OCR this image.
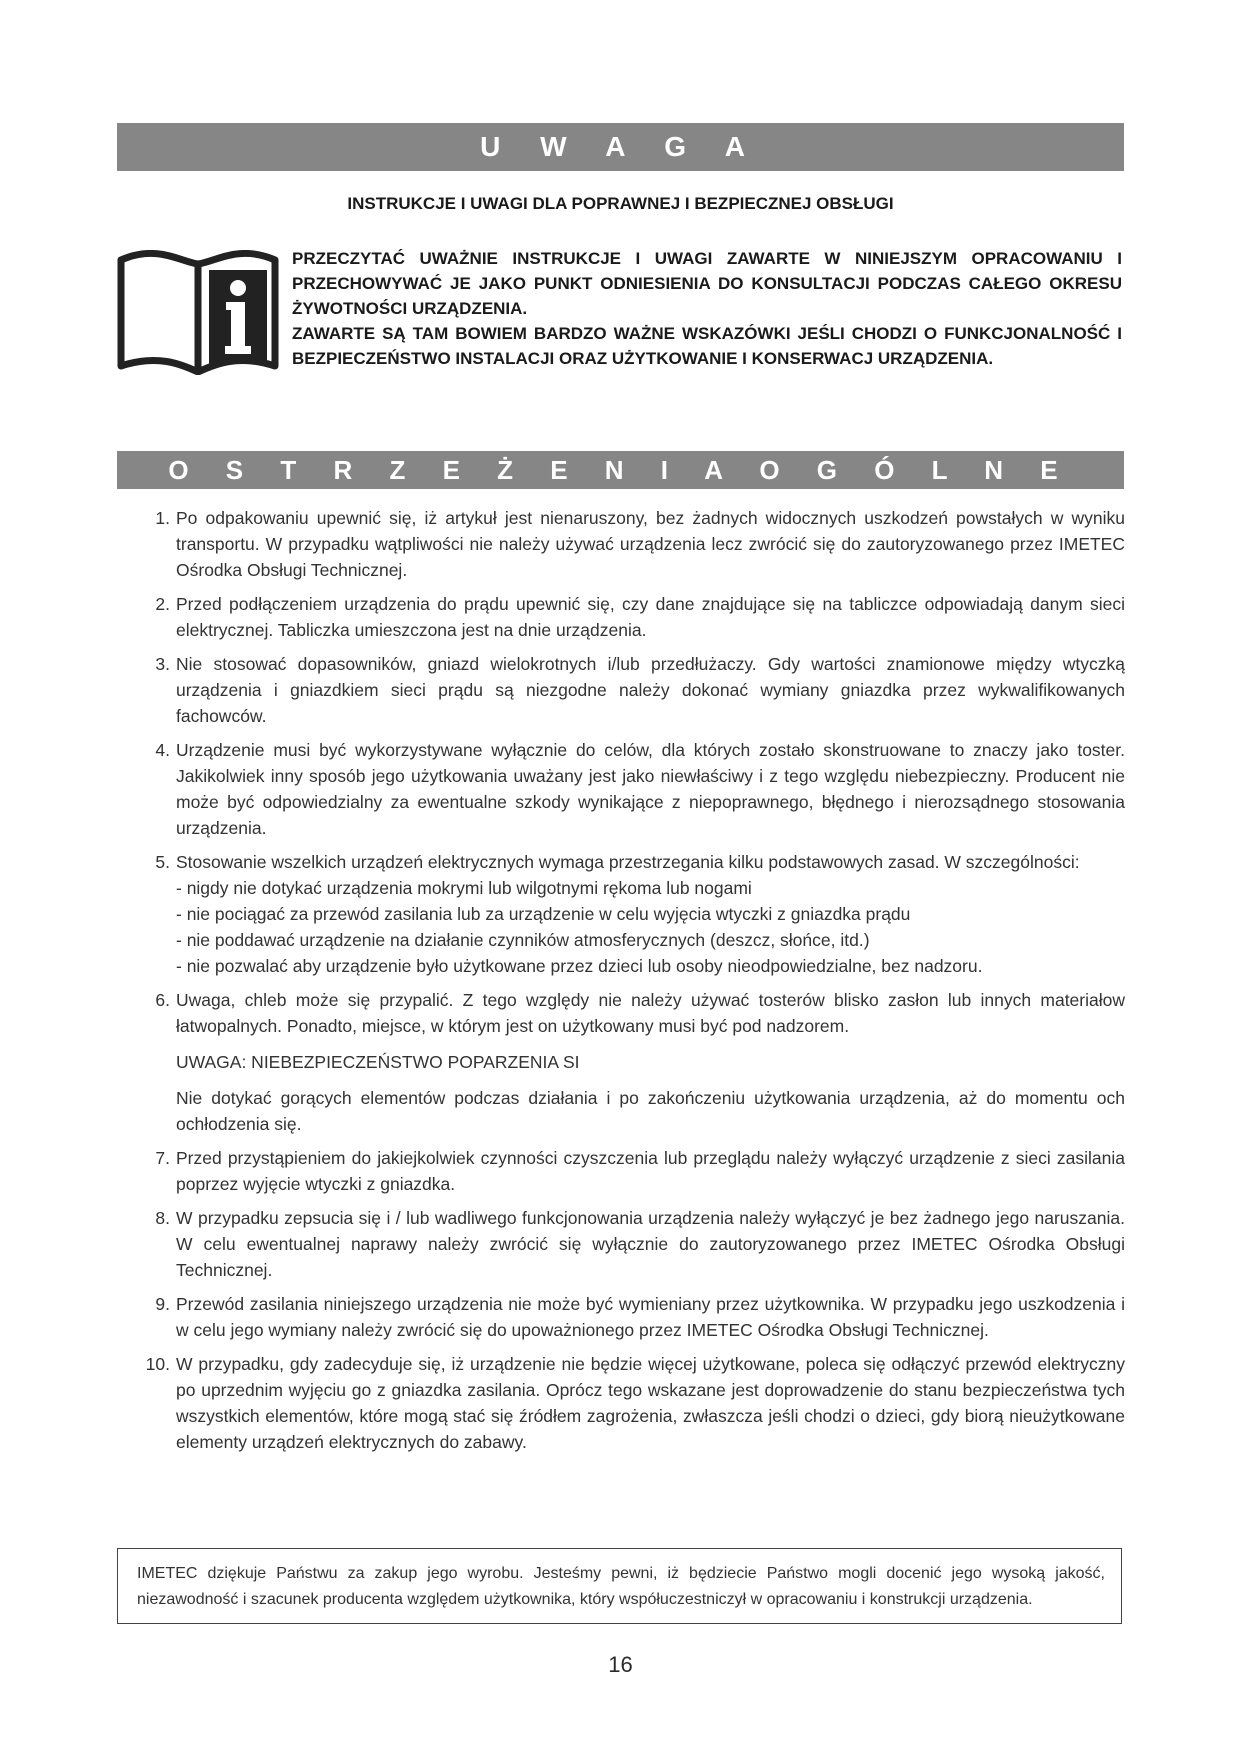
U W A G A
INSTRUKCJE I UWAGI DLA POPRAWNEJ I BEZPIECZNEJ OBSŁUGI

PRZECZYTAĆ UWAŻNIE INSTRUKCJE I UWAGI ZAWARTE W NINIEJSZYM OPRACOWANIU I PRZECHOWYWAĆ JE JAKO PUNKT ODNIESIENIA DO KONSULTACJI PODCZAS CAŁEGO OKRESU ŻYWOTNOŚCI URZĄDZENIA.

ZAWARTE SĄ TAM BOWIEM BARDZO WAŻNE WSKAZÓWKI JEŚLI CHODZI O FUNKCJONALNOŚĆ I BEZPIECZEŃSTWO INSTALACJI ORAZ UŻYTKOWANIE I KONSERWACJ URZĄDZENIA.

O S T R Z E Ż E N I A O G Ó L N E
1. Po odpakowaniu upewnić się, iż artykuł jest nienaruszony, bez żadnych widocznych uszkodzeń powstałych w wyniku transportu. W przypadku wątpliwości nie należy używać urządzenia lecz zwrócić się do zautoryzowanego przez IMETEC Ośrodka Obsługi Technicznej.

2. Przed podłączeniem urządzenia do prądu upewnić się, czy dane znajdujące się na tabliczce odpowiadają danym sieci elektrycznej. Tabliczka umieszczona jest na dnie urządzenia.

3. Nie stosować dopasowników, gniazd wielokrotnych i/lub przedłużaczy. Gdy wartości znamionowe między wtyczką urządzenia i gniazdkiem sieci prądu są niezgodne należy dokonać wymiany gniazdka przez wykwalifikowanych fachowców.

4. Urządzenie musi być wykorzystywane wyłącznie do celów, dla których zostało skonstruowane to znaczy jako toster. Jakikolwiek inny sposób jego użytkowania uważany jest jako niewłaściwy i z tego względu niebezpieczny. Producent nie może być odpowiedzialny za ewentualne szkody wynikające z niepoprawnego, błędnego i nierozsądnego stosowania urządzenia.

5. Stosowanie wszelkich urządzeń elektrycznych wymaga przestrzegania kilku podstawowych zasad. W szczególności:

- nigdy nie dotykać urządzenia mokrymi lub wilgotnymi rękoma lub nogami

- nie pociągać za przewód zasilania lub za urządzenie w celu wyjęcia wtyczki z gniazdka prądu

- nie poddawać urządzenie na działanie czynników atmosferycznych (deszcz, słońce, itd.)

- nie pozwalać aby urządzenie było użytkowane przez dzieci lub osoby nieodpowiedzialne, bez nadzoru.

6. Uwaga, chleb może się przypalić. Z tego względy nie należy używać tosterów blisko zasłon lub innych materiałow łatwopalnych. Ponadto, miejsce, w którym jest on użytkowany musi być pod nadzorem.

UWAGA: NIEBEZPIECZEŃSTWO POPARZENIA SI

Nie dotykać gorących elementów podczas działania i po zakończeniu użytkowania urządzenia, aż do momentu och ochłodzenia się.

7. Przed przystąpieniem do jakiejkolwiek czynności czyszczenia lub przeglądu należy wyłączyć urządzenie z sieci zasilania poprzez wyjęcie wtyczki z gniazdka.

8. W przypadku zepsucia się i / lub wadliwego funkcjonowania urządzenia należy wyłączyć je bez żadnego jego naruszania. W celu ewentualnej naprawy należy zwrócić się wyłącznie do zautoryzowanego przez IMETEC Ośrodka Obsługi Technicznej.

9. Przewód zasilania niniejszego urządzenia nie może być wymieniany przez użytkownika. W przypadku jego uszkodzenia i w celu jego wymiany należy zwrócić się do upoważnionego przez IMETEC Ośrodka Obsługi Technicznej.

10. W przypadku, gdy zadecyduje się, iż urządzenie nie będzie więcej użytkowane, poleca się odłączyć przewód elektryczny po uprzednim wyjęciu go z gniazdka zasilania. Oprócz tego wskazane jest doprowadzenie do stanu bezpieczeństwa tych wszystkich elementów, które mogą stać się źródłem zagrożenia, zwłaszcza jeśli chodzi o dzieci, gdy biorą nieużytkowane elementy urządzeń elektrycznych do zabawy.

IMETEC dziękuje Państwu za zakup jego wyrobu. Jesteśmy pewni, iż będziecie Państwo mogli docenić jego wysoką jakość, niezawodność i szacunek producenta względem użytkownika, który współuczestniczył w opracowaniu i konstrukcji urządzenia.
16
